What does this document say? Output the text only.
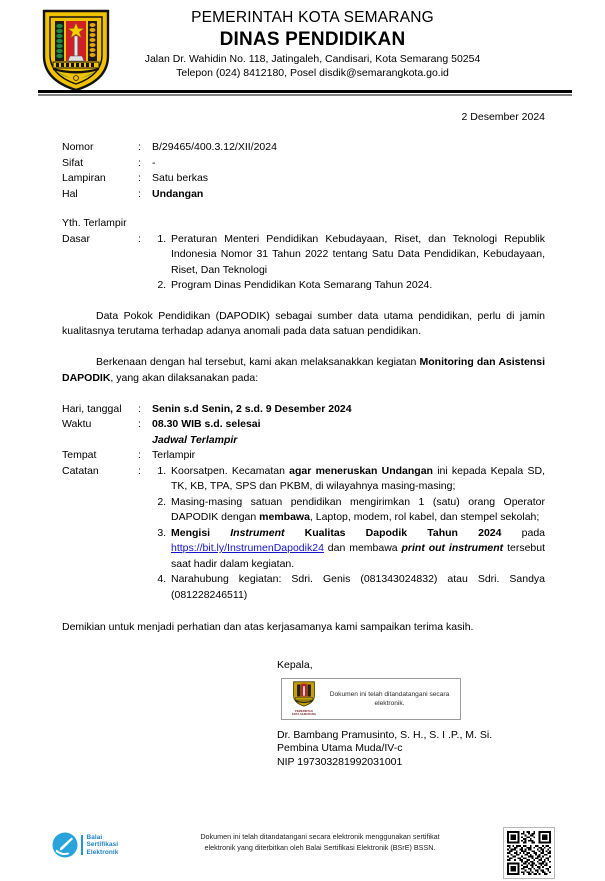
PEMERINTAH KOTA SEMARANG
DINAS PENDIDIKAN
Jalan Dr. Wahidin No. 118, Jatingaleh, Candisari, Kota Semarang 50254
Telepon (024) 8412180, Posel disdik@semarangkota.go.id
2 Desember 2024
Nomor	:	B/29465/400.3.12/XII/2024
Sifat	:	-
Lampiran	:	Satu berkas
Hal	:	Undangan
Yth. Terlampir
Dasar	:	1. Peraturan Menteri Pendidikan Kebudayaan, Riset, dan Teknologi Republik Indonesia Nomor 31 Tahun 2022 tentang Satu Data Pendidikan, Kebudayaan, Riset, Dan Teknologi
2. Program Dinas Pendidikan Kota Semarang Tahun 2024.
Data Pokok Pendidikan (DAPODIK) sebagai sumber data utama pendidikan, perlu di jamin kualitasnya terutama terhadap adanya anomali pada data satuan pendidikan.
Berkenaan dengan hal tersebut, kami akan melaksanakkan kegiatan Monitoring dan Asistensi DAPODIK, yang akan dilaksanakan pada:
Hari, tanggal	:	Senin s.d Senin, 2 s.d. 9 Desember 2024
Waktu	:	08.30 WIB s.d. selesai
Jadwal Terlampir
Tempat	:	Terlampir
Catatan	:	1. Koorsatpen. Kecamatan agar meneruskan Undangan ini kepada Kepala SD, TK, KB, TPA, SPS dan PKBM, di wilayahnya masing-masing;
2. Masing-masing satuan pendidikan mengirimkan 1 (satu) orang Operator DAPODIK dengan membawa, Laptop, modem, rol kabel, dan stempel sekolah;
3. Mengisi Instrument Kualitas Dapodik Tahun 2024 pada https://bit.ly/InstrumenDapodik24 dan membawa print out instrument tersebut saat hadir dalam kegiatan.
4. Narahubung kegiatan: Sdri. Genis (081343024832) atau Sdri. Sandya (081228246511)
Demikian untuk menjadi perhatian dan atas kerjasamanya kami sampaikan terima kasih.
Kepala,
PEMERINTAH
KOTA SEMARANG
Dokumen ini telah ditandatangani secara elektronik.
Dr. Bambang Pramusinto, S. H., S. I .P., M. Si.
Pembina Utama Muda/IV-c
NIP 197303281992031001
Balai
Sertifikasi
Elektronik
Dokumen ini telah ditandatangani secara elektronik menggunakan sertifikat
elektronik yang diterbitkan oleh Balai Sertifikasi Elektronik (BSrE) BSSN.
